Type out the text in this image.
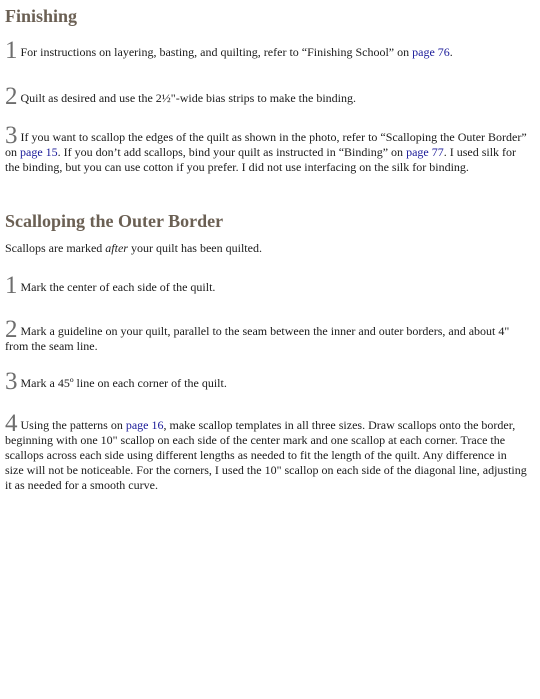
Finishing

1 For instructions on layering, basting, and quilting, refer to “Finishing School” on page 76.

2 Quilt as desired and use the 2½"-wide bias strips to make the binding.

3 If you want to scallop the edges of the quilt as shown in the photo, refer to “Scalloping the Outer Border” on page 15. If you don’t add scallops, bind your quilt as instructed in “Binding” on page 77. I used silk for the binding, but you can use cotton if you prefer. I did not use interfacing on the silk for binding.

Scalloping the Outer Border

Scallops are marked after your quilt has been quilted.

1 Mark the center of each side of the quilt.

2 Mark a guideline on your quilt, parallel to the seam between the inner and outer borders, and about 4" from the seam line.

3 Mark a 45º line on each corner of the quilt.

4 Using the patterns on page 16, make scallop templates in all three sizes. Draw scallops onto the border, beginning with one 10" scallop on each side of the center mark and one scallop at each corner. Trace the scallops across each side using different lengths as needed to fit the length of the quilt. Any difference in size will not be noticeable. For the corners, I used the 10" scallop on each side of the diagonal line, adjusting it as needed for a smooth curve.
